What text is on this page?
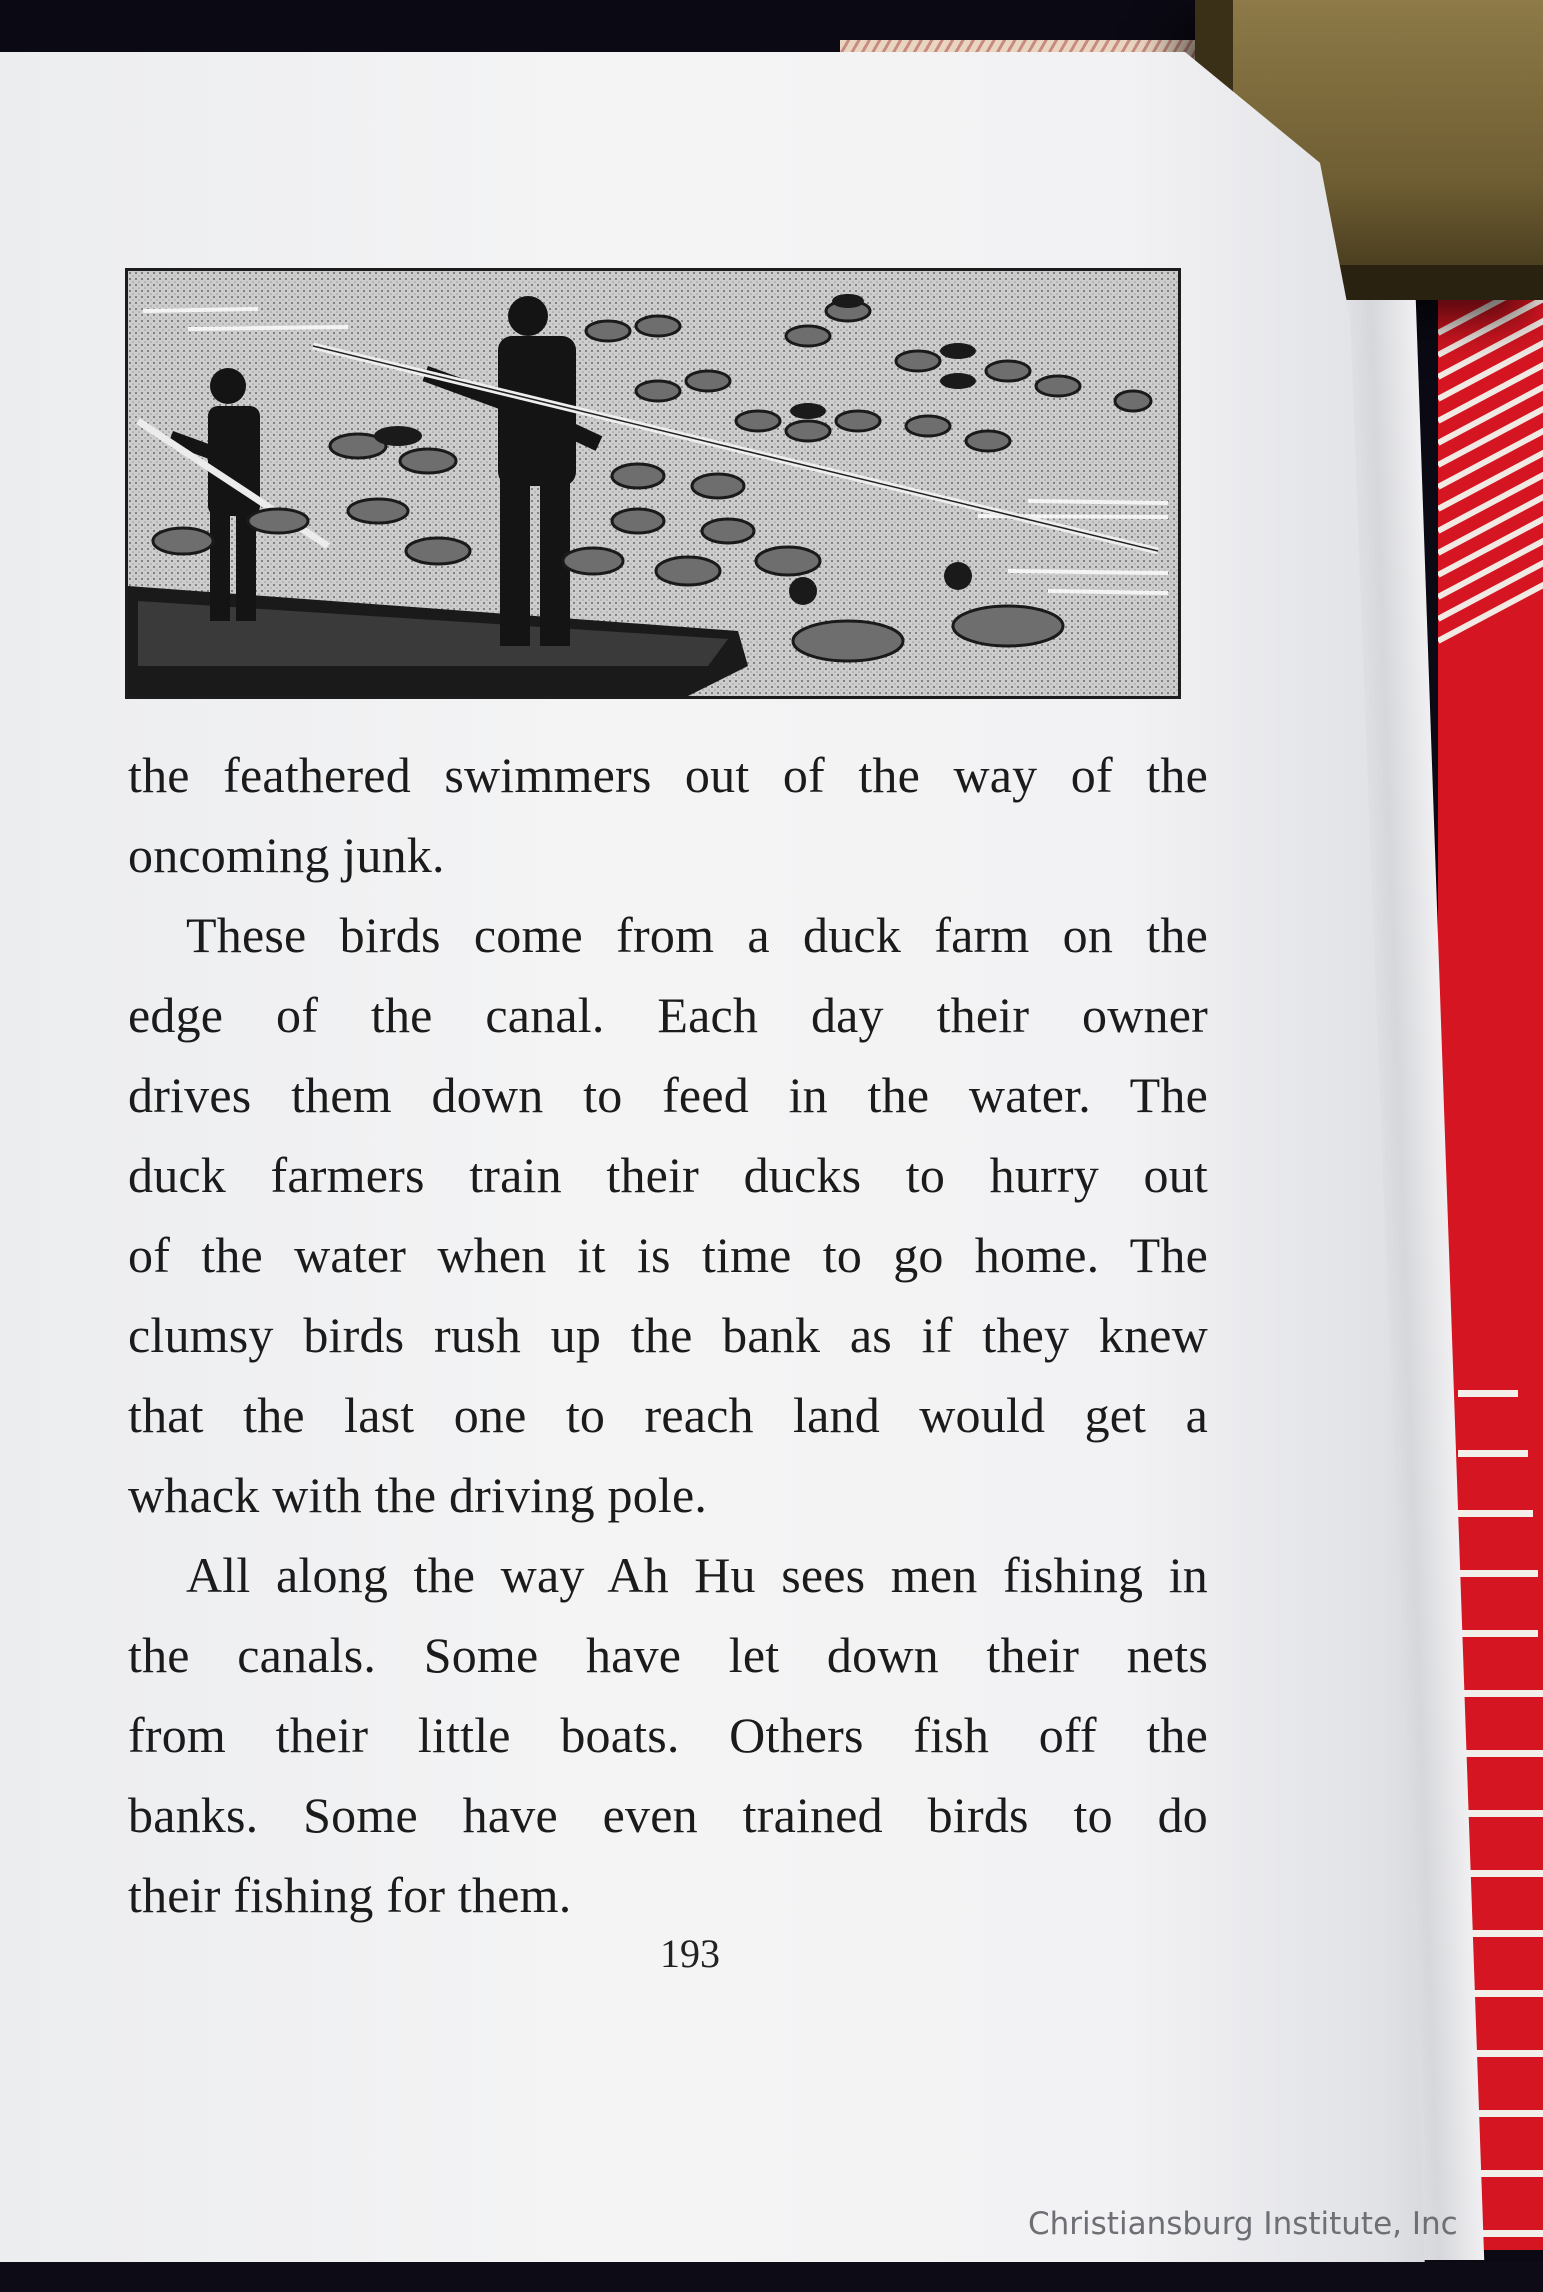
the feathered swimmers out of the way of the
oncoming junk.
These birds come from a duck farm on the
edge of the canal. Each day their owner
drives them down to feed in the water. The
duck farmers train their ducks to hurry out
of the water when it is time to go home. The
clumsy birds rush up the bank as if they knew
that the last one to reach land would get a
whack with the driving pole.
All along the way Ah Hu sees men fishing in
the canals. Some have let down their nets
from their little boats. Others fish off the
banks. Some have even trained birds to do
their fishing for them.
193
Christiansburg Institute, Inc
